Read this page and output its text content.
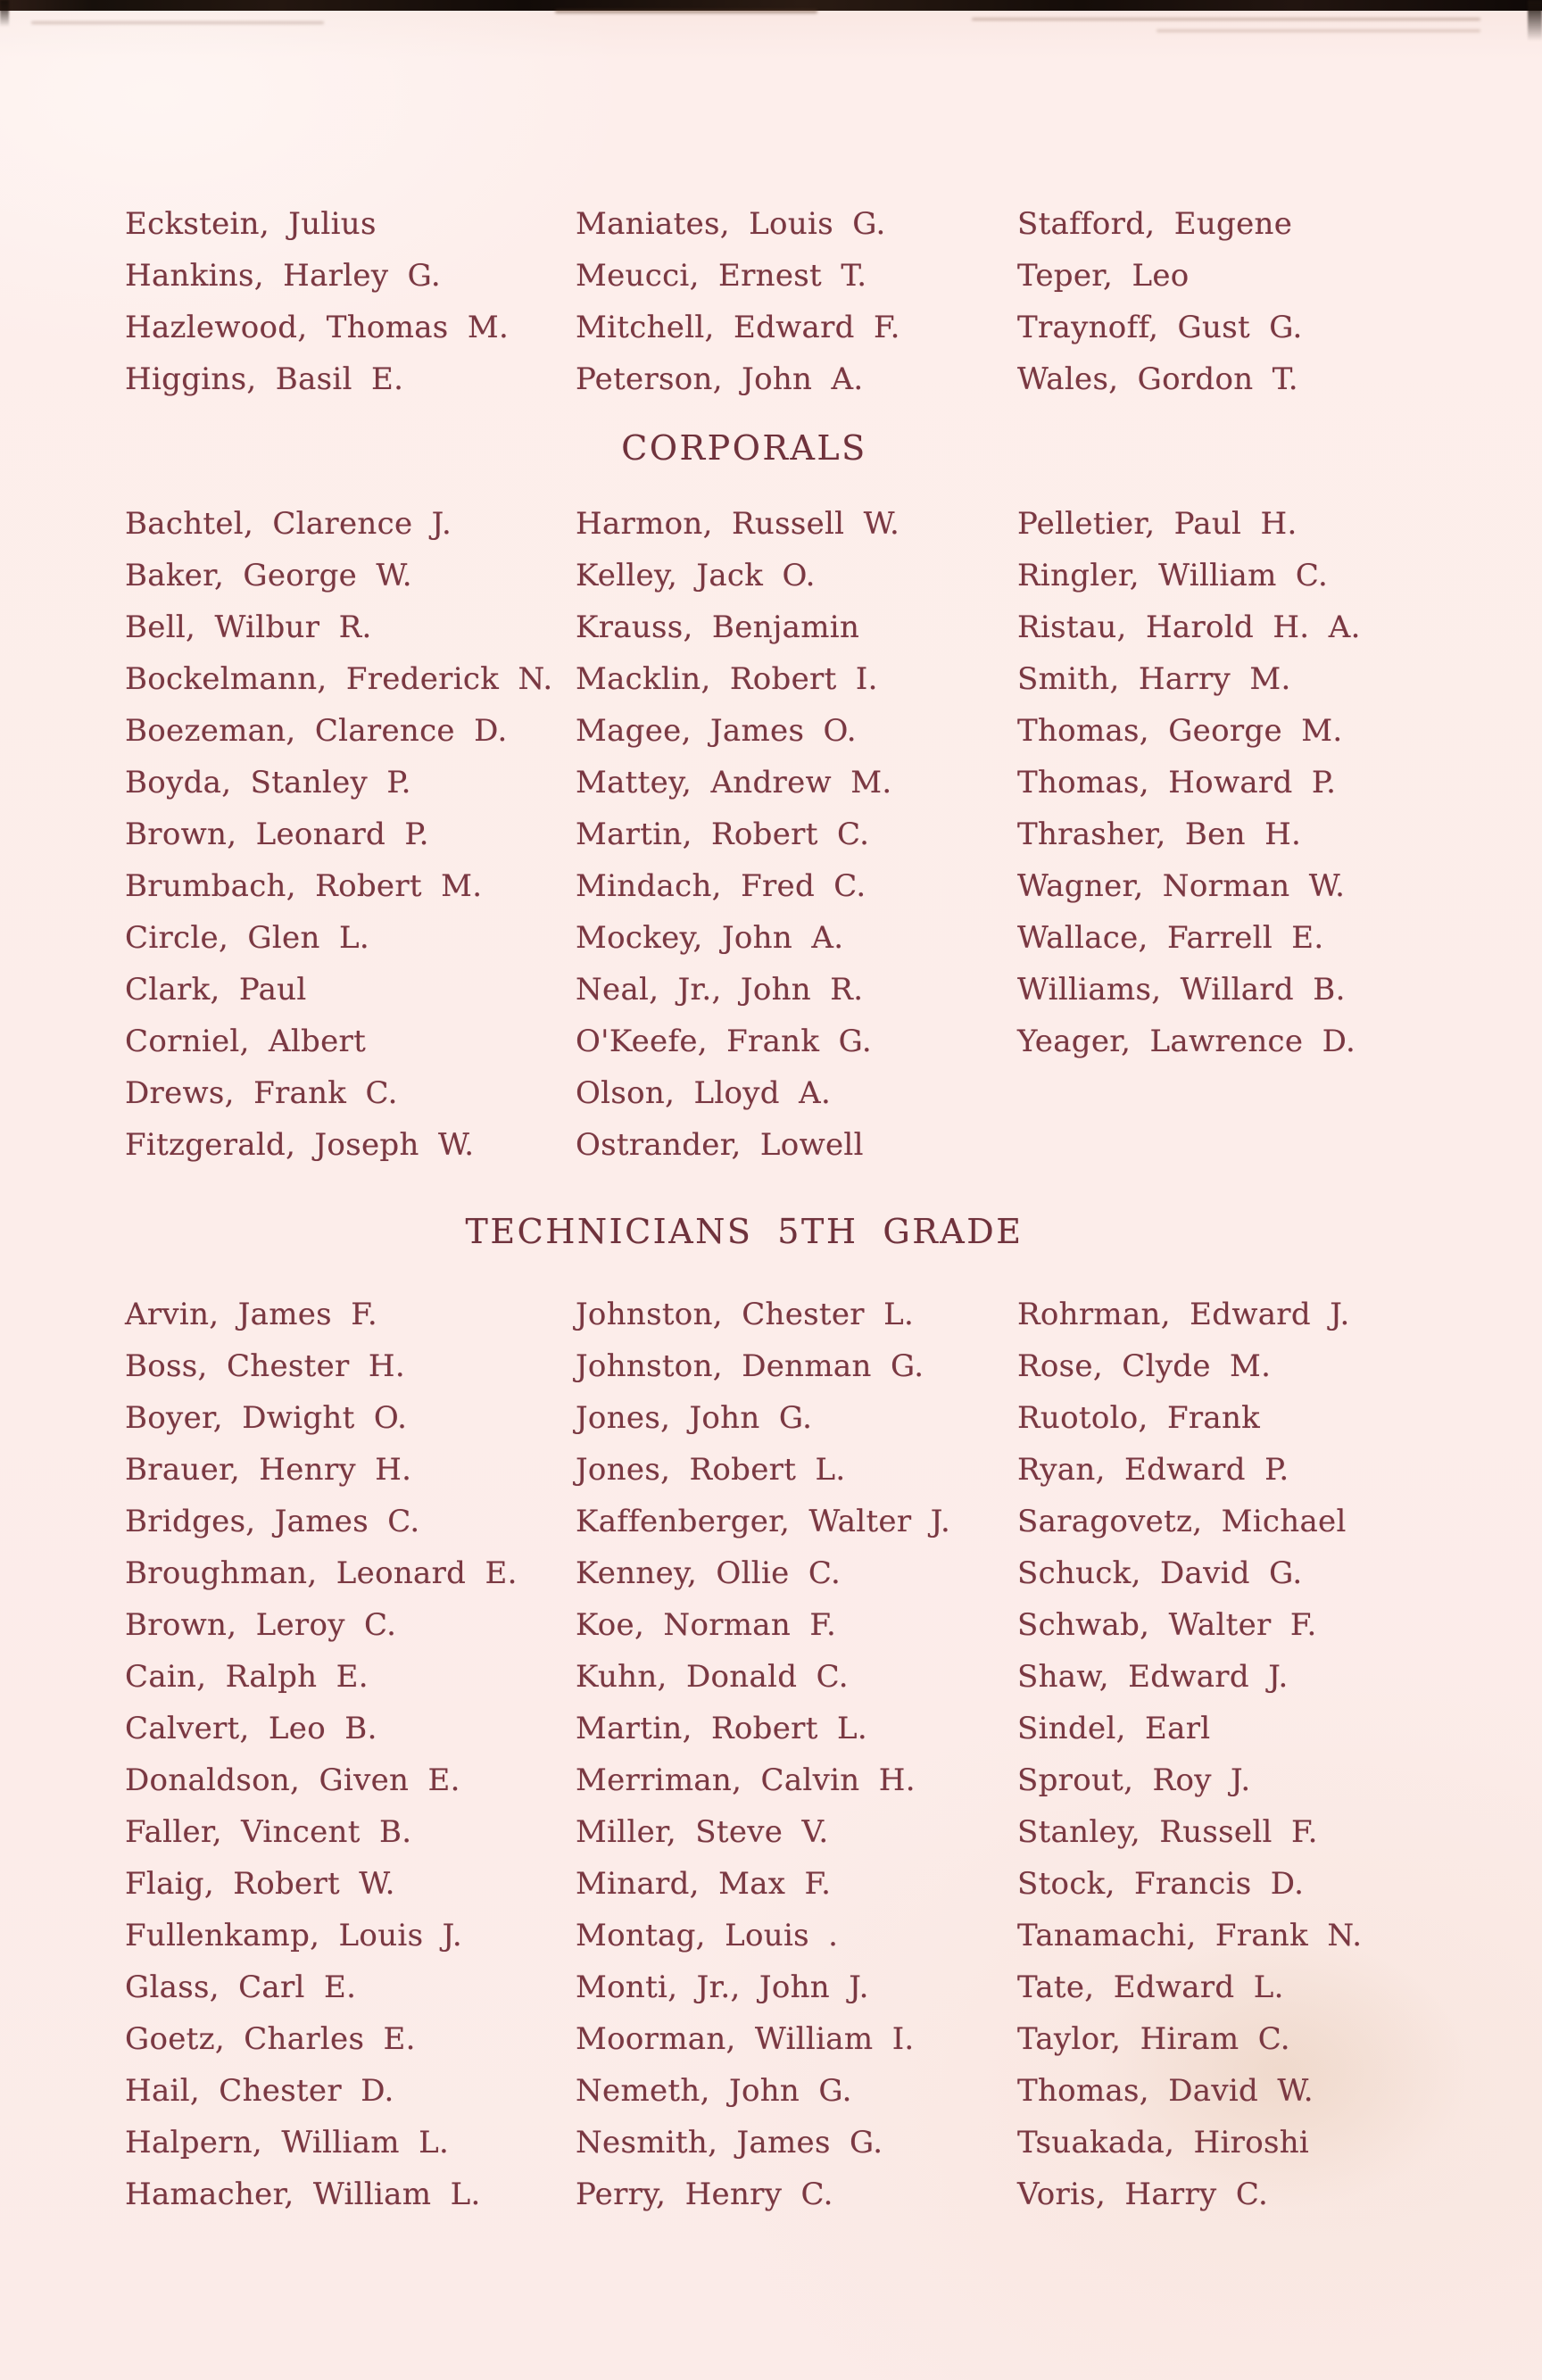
Eckstein, Julius

Hankins, Harley G.

Hazlewood, Thomas M.

Higgins, Basil E.

Maniates, Louis G.

Meucci, Ernest T.

Mitchell, Edward F.

Peterson, John A.

Stafford, Eugene

Teper, Leo

Traynoff, Gust G.

Wales, Gordon T.

CORPORALS

Bachtel, Clarence J.

Baker, George W.

Bell, Wilbur R.

Bockelmann, Frederick N.

Boezeman, Clarence D.

Boyda, Stanley P.

Brown, Leonard P.

Brumbach, Robert M.

Circle, Glen L.

Clark, Paul

Corniel, Albert

Drews, Frank C.

Fitzgerald, Joseph W.

Harmon, Russell W.

Kelley, Jack O.

Krauss, Benjamin

Macklin, Robert I.

Magee, James O.

Mattey, Andrew M.

Martin, Robert C.

Mindach, Fred C.

Mockey, John A.

Neal, Jr., John R.

O'Keefe, Frank G.

Olson, Lloyd A.

Ostrander, Lowell

Pelletier, Paul H.

Ringler, William C.

Ristau, Harold H. A.

Smith, Harry M.

Thomas, George M.

Thomas, Howard P.

Thrasher, Ben H.

Wagner, Norman W.

Wallace, Farrell E.

Williams, Willard B.

Yeager, Lawrence D.

TECHNICIANS 5TH GRADE

Arvin, James F.

Boss, Chester H.

Boyer, Dwight O.

Brauer, Henry H.

Bridges, James C.

Broughman, Leonard E.

Brown, Leroy C.

Cain, Ralph E.

Calvert, Leo B.

Donaldson, Given E.

Faller, Vincent B.

Flaig, Robert W.

Fullenkamp, Louis J.

Glass, Carl E.

Goetz, Charles E.

Hail, Chester D.

Halpern, William L.

Hamacher, William L.

Johnston, Chester L.

Johnston, Denman G.

Jones, John G.

Jones, Robert L.

Kaffenberger, Walter J.

Kenney, Ollie C.

Koe, Norman F.

Kuhn, Donald C.

Martin, Robert L.

Merriman, Calvin H.

Miller, Steve V.

Minard, Max F.

Montag, Louis .

Monti, Jr., John J.

Moorman, William I.

Nemeth, John G.

Nesmith, James G.

Perry, Henry C.

Rohrman, Edward J.

Rose, Clyde M.

Ruotolo, Frank

Ryan, Edward P.

Saragovetz, Michael

Schuck, David G.

Schwab, Walter F.

Shaw, Edward J.

Sindel, Earl

Sprout, Roy J.

Stanley, Russell F.

Stock, Francis D.

Tanamachi, Frank N.

Tate, Edward L.

Taylor, Hiram C.

Thomas, David W.

Tsuakada, Hiroshi

Voris, Harry C.
